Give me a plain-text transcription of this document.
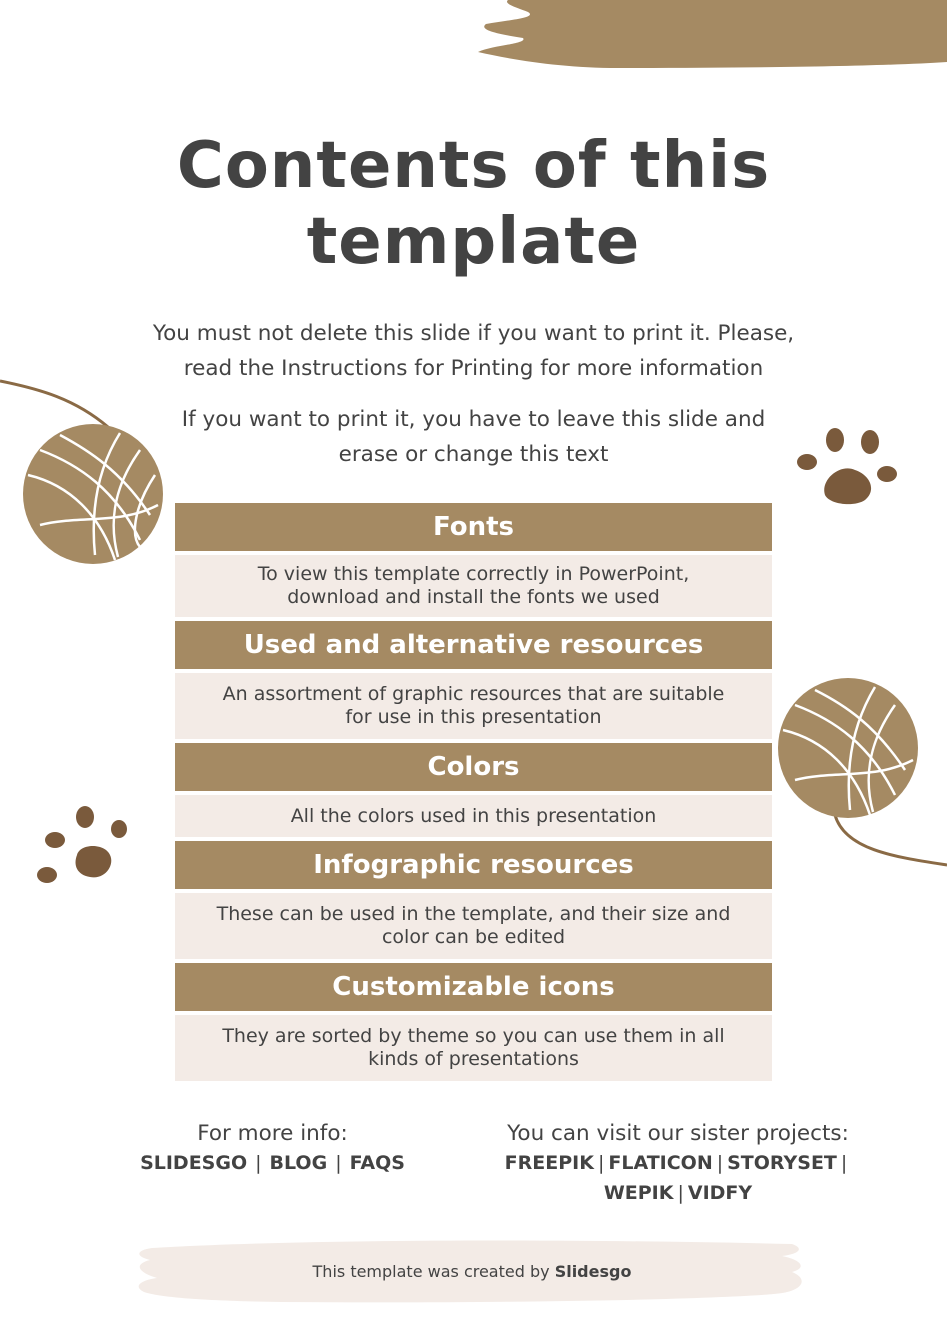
Contents of this
template
You must not delete this slide if you want to print it. Please,
read the Instructions for Printing for more information
If you want to print it, you have to leave this slide and
erase or change this text
Fonts
To view this template correctly in PowerPoint,
download and install the fonts we used
Used and alternative resources
An assortment of graphic resources that are suitable
for use in this presentation
Colors
All the colors used in this presentation
Infographic resources
These can be used in the template, and their size and
color can be edited
Customizable icons
They are sorted by theme so you can use them in all
kinds of presentations
For more info:
SLIDESGO | BLOG | FAQS
You can visit our sister projects:
FREEPIK | FLATICON | STORYSET |
WEPIK | VIDFY
This template was created by Slidesgo
